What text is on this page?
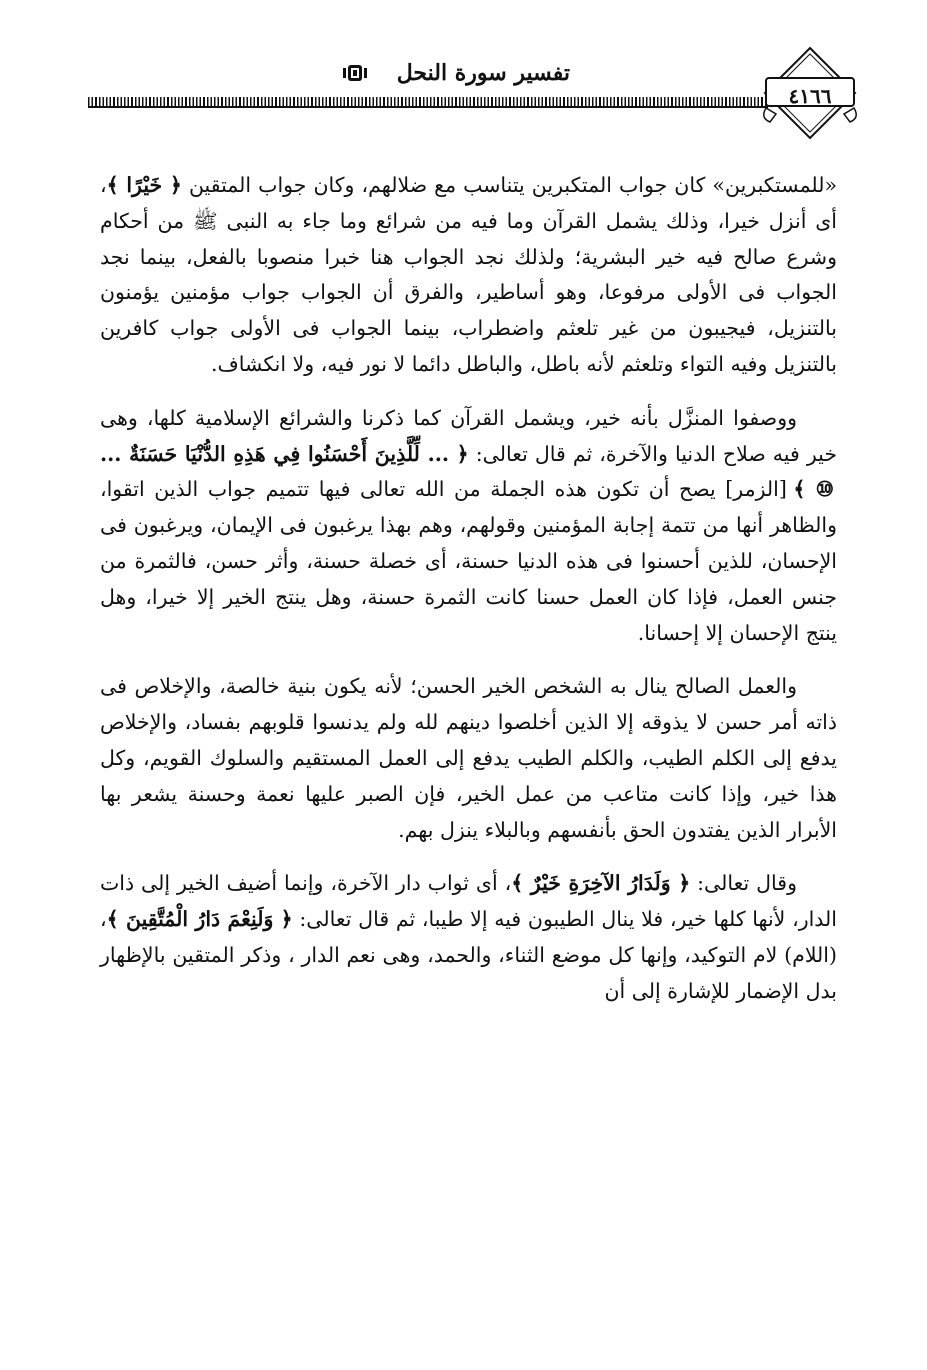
٤١٦٦
تفسير سورة النحل

«للمستكبرين» كان جواب المتكبرين يتناسب مع ضلالهم، وكان جواب المتقين ﴿ خَيْرًا ﴾، أى أنزل خيرا، وذلك يشمل القرآن وما فيه من شرائع وما جاء به النبى ﷺ من أحكام وشرع صالح فيه خير البشرية؛ ولذلك نجد الجواب هنا خبرا منصوبا بالفعل، بينما نجد الجواب فى الأولى مرفوعا، وهو أساطير، والفرق أن الجواب جواب مؤمنين يؤمنون بالتنزيل، فيجيبون من غير تلعثم واضطراب، بينما الجواب فى الأولى جواب كافرين بالتنزيل وفيه التواء وتلعثم لأنه باطل، والباطل دائما لا نور فيه، ولا انكشاف.

ووصفوا المنزَّل بأنه خير، ويشمل القرآن كما ذكرنا والشرائع الإسلامية كلها، وهى خير فيه صلاح الدنيا والآخرة، ثم قال تعالى: ﴿ ... لِّلَّذِينَ أَحْسَنُوا فِي هَذِهِ الدُّنْيَا حَسَنَةٌ ... ⑩ ﴾ [الزمر] يصح أن تكون هذه الجملة من الله تعالى فيها تتميم جواب الذين اتقوا، والظاهر أنها من تتمة إجابة المؤمنين وقولهم، وهم بهذا يرغبون فى الإيمان، ويرغبون فى الإحسان، للذين أحسنوا فى هذه الدنيا حسنة، أى خصلة حسنة، وأثر حسن، فالثمرة من جنس العمل، فإذا كان العمل حسنا كانت الثمرة حسنة، وهل ينتج الخير إلا خيرا، وهل ينتج الإحسان إلا إحسانا.

والعمل الصالح ينال به الشخص الخير الحسن؛ لأنه يكون بنية خالصة، والإخلاص فى ذاته أمر حسن لا يذوقه إلا الذين أخلصوا دينهم لله ولم يدنسوا قلوبهم بفساد، والإخلاص يدفع إلى الكلم الطيب، والكلم الطيب يدفع إلى العمل المستقيم والسلوك القويم، وكل هذا خير، وإذا كانت متاعب من عمل الخير، فإن الصبر عليها نعمة وحسنة يشعر بها الأبرار الذين يفتدون الحق بأنفسهم وبالبلاء ينزل بهم.

وقال تعالى: ﴿ وَلَدَارُ الآخِرَةِ خَيْرٌ ﴾، أى ثواب دار الآخرة، وإنما أضيف الخير إلى ذات الدار، لأنها كلها خير، فلا ينال الطيبون فيه إلا طيبا، ثم قال تعالى: ﴿ وَلَنِعْمَ دَارُ الْمُتَّقِينَ ﴾، (اللام) لام التوكيد، وإنها كل موضع الثناء، والحمد، وهى نعم الدار ، وذكر المتقين بالإظهار بدل الإضمار للإشارة إلى أن
